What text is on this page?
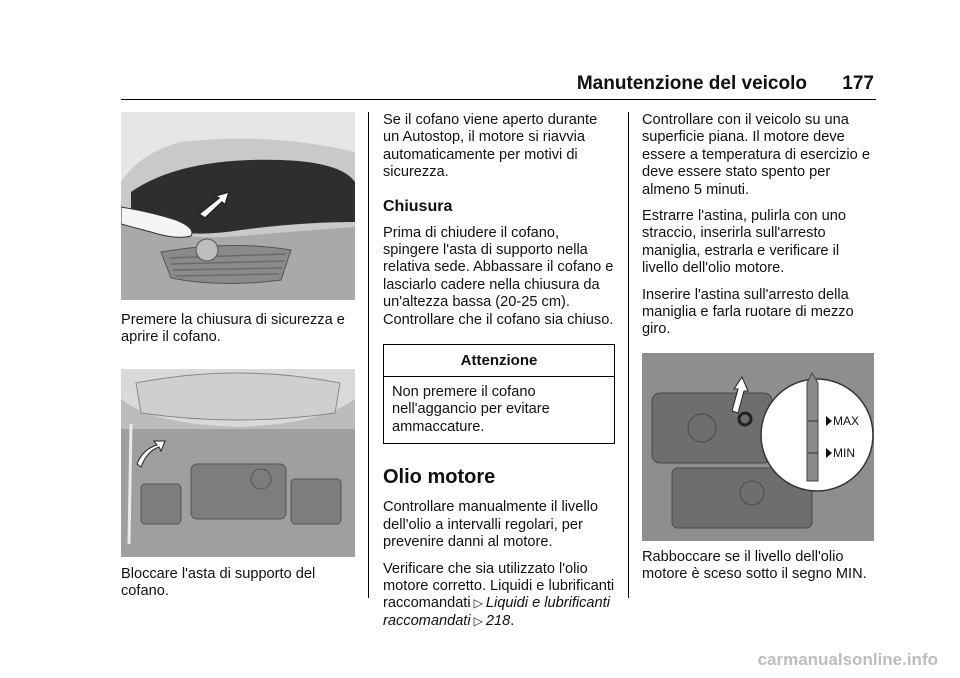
Manutenzione del veicolo 177

Premere la chiusura di sicurezza e aprire il cofano.

Bloccare l'asta di supporto del cofano.

Se il cofano viene aperto durante un Autostop, il motore si riavvia automaticamente per motivi di sicurezza.

Chiusura

Prima di chiudere il cofano, spingere l'asta di supporto nella relativa sede. Abbassare il cofano e lasciarlo cadere nella chiusura da un'altezza bassa (20-25 cm). Controllare che il cofano sia chiuso.

Attenzione

Non premere il cofano nell'aggancio per evitare ammaccature.

Olio motore

Controllare manualmente il livello dell'olio a intervalli regolari, per prevenire danni al motore.

Verificare che sia utilizzato l'olio motore corretto. Liquidi e lubrificanti raccomandati ▷ Liquidi e lubrificanti raccomandati ▷ 218.

Controllare con il veicolo su una superficie piana. Il motore deve essere a temperatura di esercizio e deve essere stato spento per almeno 5 minuti.

Estrarre l'astina, pulirla con uno straccio, inserirla sull'arresto maniglia, estrarla e verificare il livello dell'olio motore.

Inserire l'astina sull'arresto della maniglia e farla ruotare di mezzo giro.

MAX
MIN

Rabboccare se il livello dell'olio motore è sceso sotto il segno MIN.

carmanualsonline.info
